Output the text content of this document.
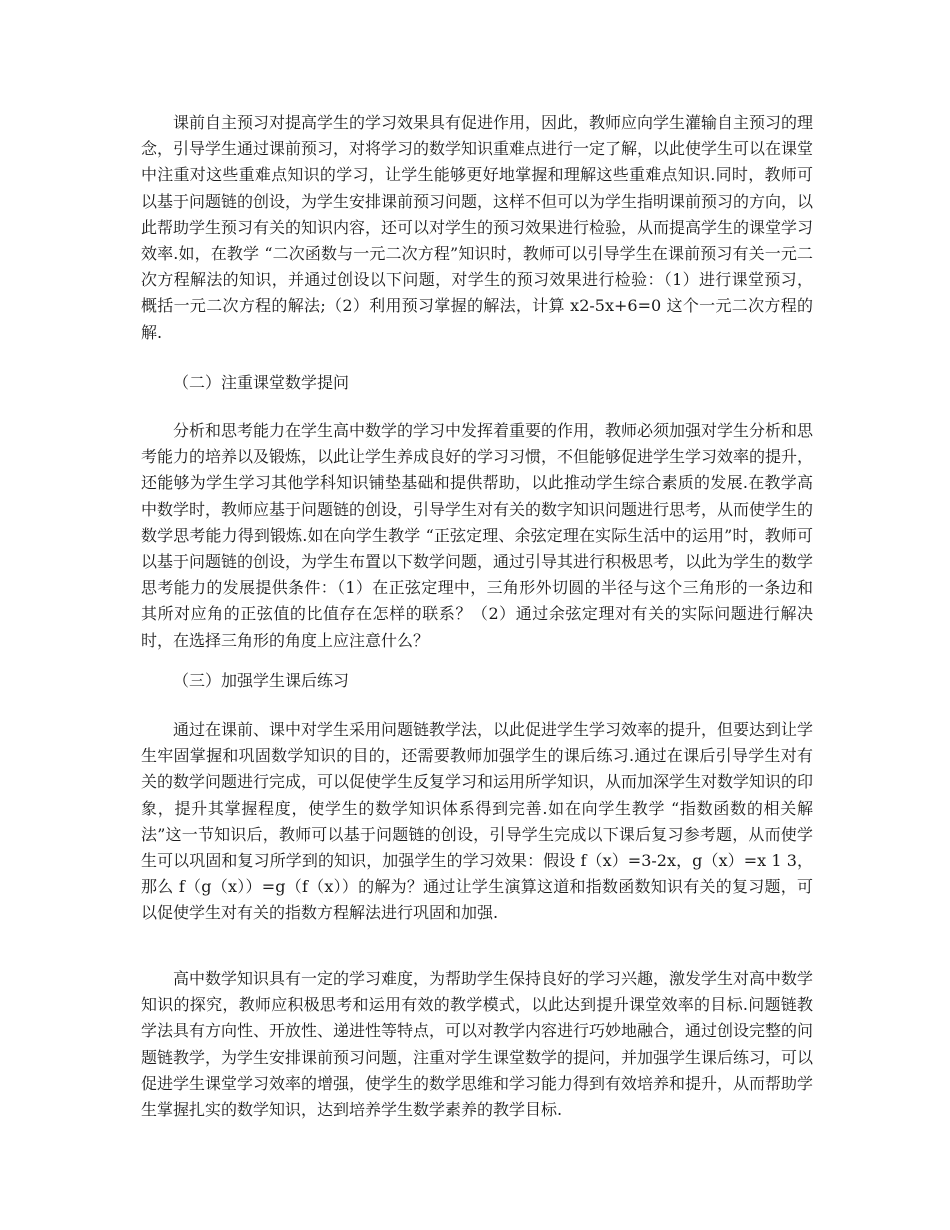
课前自主预习对提高学生的学习效果具有促进作用，因此，教师应向学生灌输自主预习的理念，引导学生通过课前预习，对将学习的数学知识重难点进行一定了解，以此使学生可以在课堂中注重对这些重难点知识的学习，让学生能够更好地掌握和理解这些重难点知识.同时，教师可以基于问题链的创设，为学生安排课前预习问题，这样不但可以为学生指明课前预习的方向，以此帮助学生预习有关的知识内容，还可以对学生的预习效果进行检验，从而提高学生的课堂学习效率.如，在教学 “二次函数与一元二次方程”知识时，教师可以引导学生在课前预习有关一元二次方程解法的知识，并通过创设以下问题，对学生的预习效果进行检验：（1）进行课堂预习，概括一元二次方程的解法;（2）利用预习掌握的解法，计算 x2-5x+6=0 这个一元二次方程的解.

（二）注重课堂数学提问

分析和思考能力在学生高中数学的学习中发挥着重要的作用，教师必须加强对学生分析和思考能力的培养以及锻炼，以此让学生养成良好的学习习惯，不但能够促进学生学习效率的提升，还能够为学生学习其他学科知识铺垫基础和提供帮助，以此推动学生综合素质的发展.在教学高中数学时，教师应基于问题链的创设，引导学生对有关的数字知识问题进行思考，从而使学生的数学思考能力得到锻炼.如在向学生教学 “正弦定理、余弦定理在实际生活中的运用”时，教师可以基于问题链的创设，为学生布置以下数学问题，通过引导其进行积极思考，以此为学生的数学思考能力的发展提供条件：（1）在正弦定理中，三角形外切圆的半径与这个三角形的一条边和其所对应角的正弦值的比值存在怎样的联系？（2）通过余弦定理对有关的实际问题进行解决时，在选择三角形的角度上应注意什么？

（三）加强学生课后练习

通过在课前、课中对学生采用问题链教学法，以此促进学生学习效率的提升，但要达到让学生牢固掌握和巩固数学知识的目的，还需要教师加强学生的课后练习.通过在课后引导学生对有关的数学问题进行完成，可以促使学生反复学习和运用所学知识，从而加深学生对数学知识的印象，提升其掌握程度，使学生的数学知识体系得到完善.如在向学生教学 “指数函数的相关解法”这一节知识后，教师可以基于问题链的创设，引导学生完成以下课后复习参考题，从而使学生可以巩固和复习所学到的知识，加强学生的学习效果：假设 f（x）=3-2x，g（x）=x 1 3，那么 f（g（x））=g（f（x））的解为？通过让学生演算这道和指数函数知识有关的复习题，可以促使学生对有关的指数方程解法进行巩固和加强.

高中数学知识具有一定的学习难度，为帮助学生保持良好的学习兴趣，激发学生对高中数学知识的探究，教师应积极思考和运用有效的教学模式，以此达到提升课堂效率的目标.问题链教学法具有方向性、开放性、递进性等特点，可以对教学内容进行巧妙地融合，通过创设完整的问题链教学，为学生安排课前预习问题，注重对学生课堂数学的提问，并加强学生课后练习，可以促进学生课堂学习效率的增强，使学生的数学思维和学习能力得到有效培养和提升，从而帮助学生掌握扎实的数学知识，达到培养学生数学素养的教学目标.
